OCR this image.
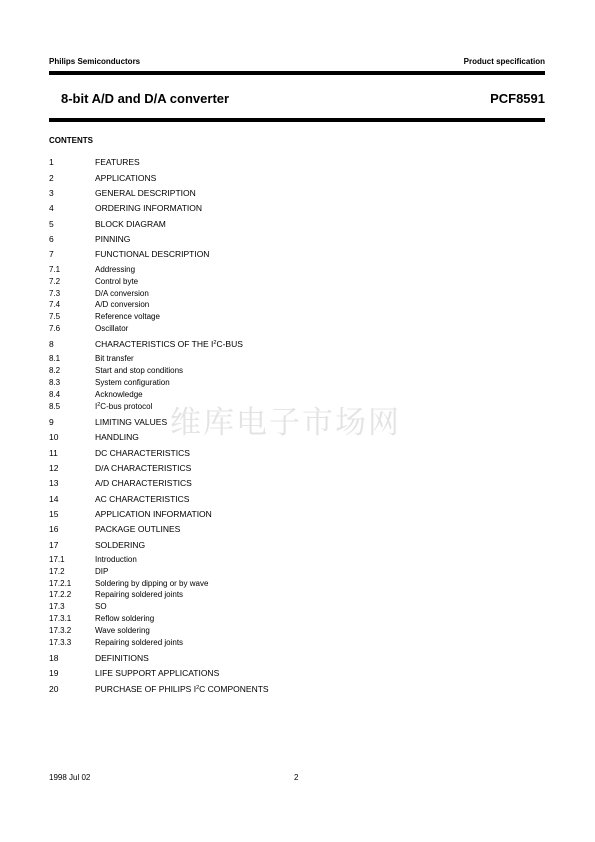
Philips Semiconductors	Product specification
8-bit A/D and D/A converter	PCF8591
CONTENTS
1	FEATURES
2	APPLICATIONS
3	GENERAL DESCRIPTION
4	ORDERING INFORMATION
5	BLOCK DIAGRAM
6	PINNING
7	FUNCTIONAL DESCRIPTION
7.1	Addressing
7.2	Control byte
7.3	D/A conversion
7.4	A/D conversion
7.5	Reference voltage
7.6	Oscillator
8	CHARACTERISTICS OF THE $I^2C$-BUS
8.1	Bit transfer
8.2	Start and stop conditions
8.3	System configuration
8.4	Acknowledge
8.5	$I^2C$-bus protocol
9	LIMITING VALUES
10	HANDLING
11	DC CHARACTERISTICS
12	D/A CHARACTERISTICS
13	A/D CHARACTERISTICS
14	AC CHARACTERISTICS
15	APPLICATION INFORMATION
16	PACKAGE OUTLINES
17	SOLDERING
17.1	Introduction
17.2	DIP
17.2.1	Soldering by dipping or by wave
17.2.2	Repairing soldered joints
17.3	SO
17.3.1	Reflow soldering
17.3.2	Wave soldering
17.3.3	Repairing soldered joints
18	DEFINITIONS
19	LIFE SUPPORT APPLICATIONS
20	PURCHASE OF PHILIPS $I^2C$ COMPONENTS
维库电子市场网
1998 Jul 02	2
